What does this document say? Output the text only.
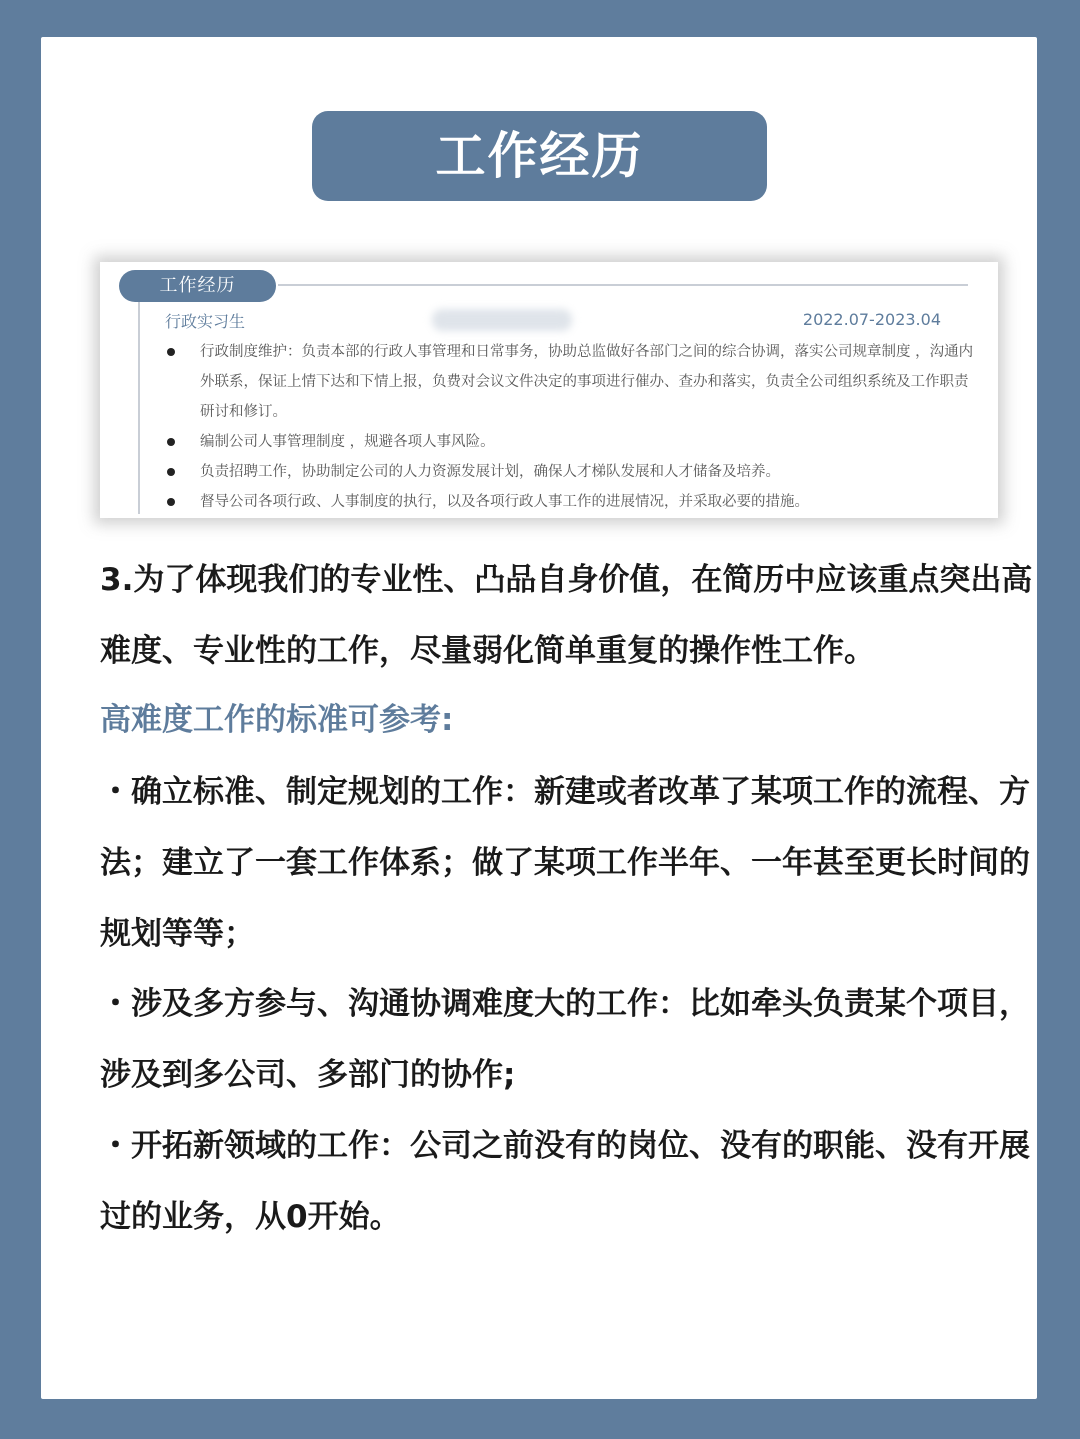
工作经历
工作经历
行政实习生	2022.07-2023.04
行政制度维护：负责本部的行政人事管理和日常事务，协助总监做好各部门之间的综合协调，落实公司规章制度 ，沟通内外联系，保证上情下达和下情上报，负费对会议文件决定的事项进行催办、查办和落实，负责全公司组织系统及工作职责研讨和修订。
编制公司人事管理制度 ，规避各项人事风险。
负责招聘工作，协助制定公司的人力资源发展计划，确保人才梯队发展和人才储备及培养。
督导公司各项行政、人事制度的执行，以及各项行政人事工作的进展情况，并采取必要的措施。

3.为了体现我们的专业性、凸品自身价值，在简历中应该重点突出高难度、专业性的工作，尽量弱化简单重复的操作性工作。

高难度工作的标准可参考:

・确立标准、制定规划的工作：新建或者改革了某项工作的流程、方法；建立了一套工作体系；做了某项工作半年、一年甚至更长时间的规划等等；

・涉及多方参与、沟通协调难度大的工作：比如牵头负责某个项目，涉及到多公司、多部门的协作;

・开拓新领域的工作：公司之前没有的岗位、没有的职能、没有开展过的业务，从0开始。
